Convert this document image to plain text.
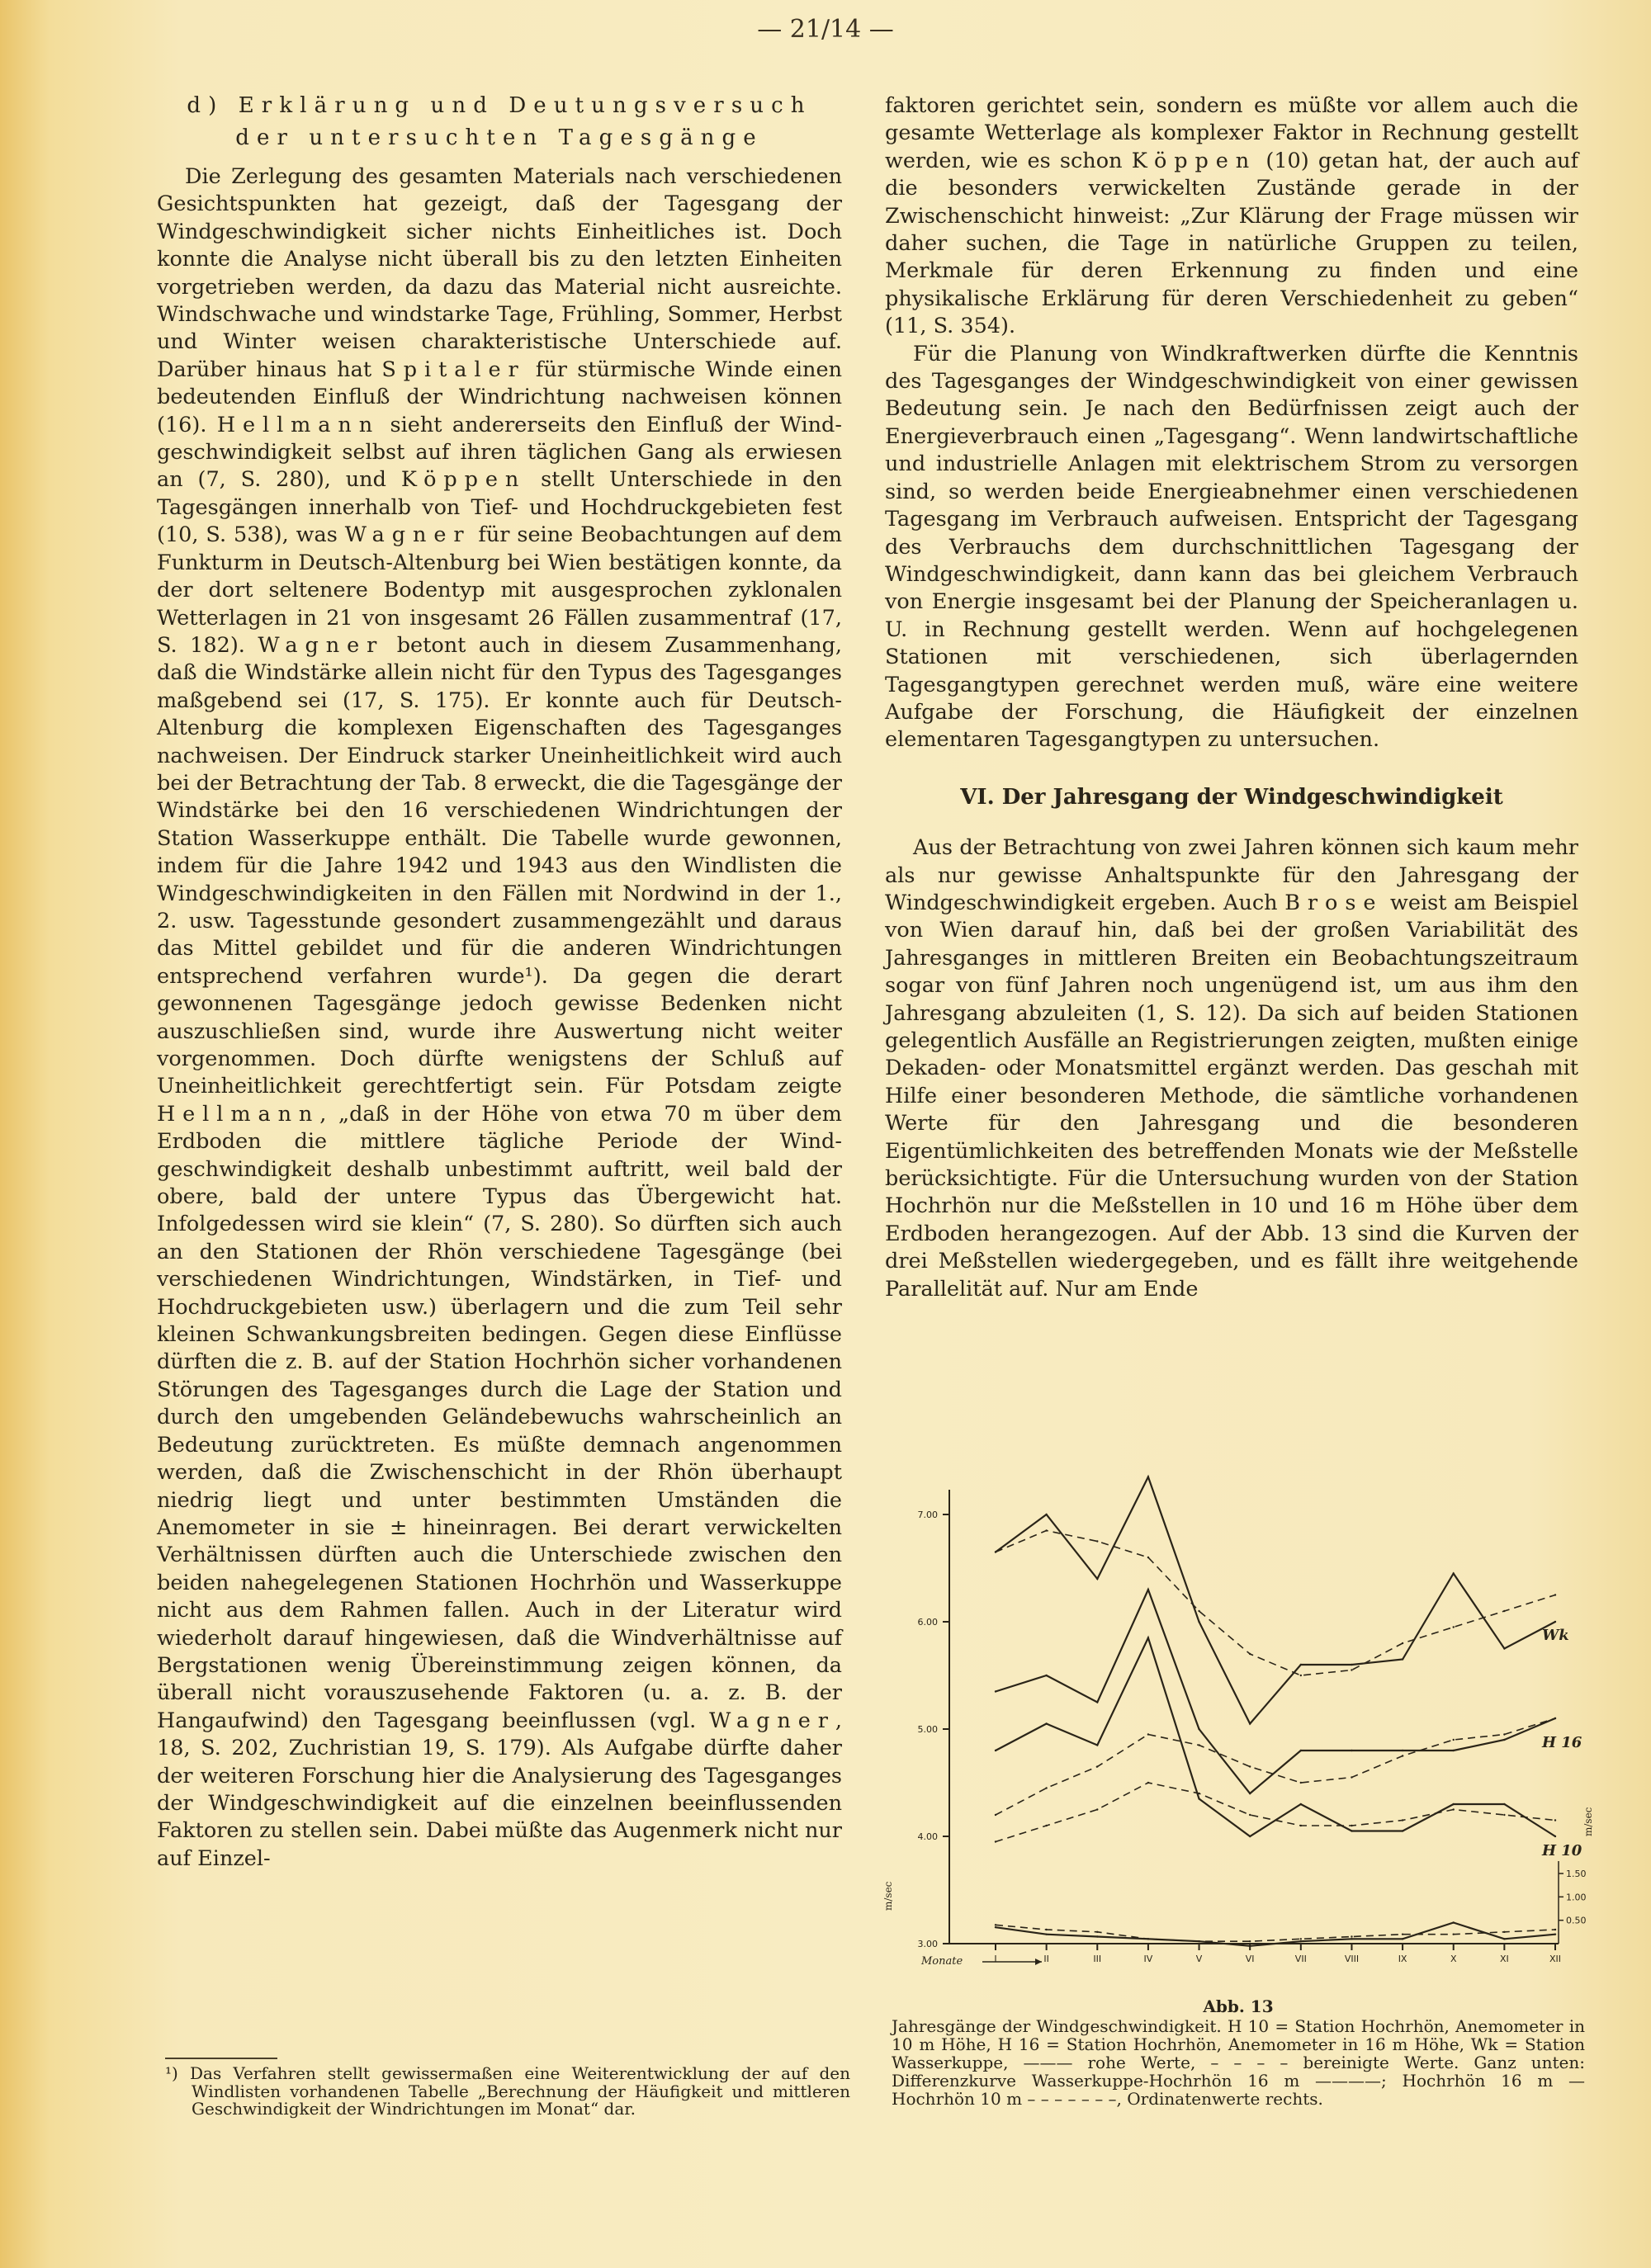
— 21/14 —
d) Erklärung und Deutungsversuch
der untersuchten Tagesgänge

Die Zerlegung des gesamten Materials nach verschiedenen Gesichtspunkten hat gezeigt, daß der Tagesgang der Windgeschwindigkeit sicher nichts Einheitliches ist. Doch konnte die Analyse nicht überall bis zu den letzten Einheiten vorgetrieben werden, da dazu das Material nicht ausreichte. Windschwache und windstarke Tage, Frühling, Sommer, Herbst und Winter weisen charakteristische Unterschiede auf. Darüber hinaus hat Spitaler für stürmische Winde einen bedeutenden Einfluß der Windrichtung nachweisen können (16). Hellmann sieht andererseits den Einfluß der Windgeschwindigkeit selbst auf ihren täglichen Gang als erwiesen an (7, S. 280), und Köppen stellt Unterschiede in den Tagesgängen innerhalb von Tief- und Hochdruckgebieten fest (10, S. 538), was Wagner für seine Beobachtungen auf dem Funkturm in Deutsch-Altenburg bei Wien bestätigen konnte, da der dort seltenere Bodentyp mit ausgesprochen zyklonalen Wetterlagen in 21 von insgesamt 26 Fällen zusammentraf (17, S. 182). Wagner betont auch in diesem Zusammenhang, daß die Windstärke allein nicht für den Typus des Tagesganges maßgebend sei (17, S. 175). Er konnte auch für Deutsch-Altenburg die komplexen Eigenschaften des Tagesganges nachweisen. Der Eindruck starker Uneinheitlichkeit wird auch bei der Betrachtung der Tab. 8 erweckt, die die Tagesgänge der Windstärke bei den 16 verschiedenen Windrichtungen der Station Wasserkuppe enthält. Die Tabelle wurde gewonnen, indem für die Jahre 1942 und 1943 aus den Windlisten die Windgeschwindigkeiten in den Fällen mit Nordwind in der 1., 2. usw. Tagesstunde gesondert zusammengezählt und daraus das Mittel gebildet und für die anderen Windrichtungen entsprechend verfahren wurde¹). Da gegen die derart gewonnenen Tagesgänge jedoch gewisse Bedenken nicht auszuschließen sind, wurde ihre Auswertung nicht weiter vorgenommen. Doch dürfte wenigstens der Schluß auf Uneinheitlichkeit gerechtfertigt sein. Für Potsdam zeigte Hellmann, „daß in der Höhe von etwa 70 m über dem Erdboden die mittlere tägliche Periode der Windgeschwindigkeit deshalb unbestimmt auftritt, weil bald der obere, bald der untere Typus das Übergewicht hat. Infolgedessen wird sie klein“ (7, S. 280). So dürften sich auch an den Stationen der Rhön verschiedene Tagesgänge (bei verschiedenen Windrichtungen, Windstärken, in Tief- und Hochdruckgebieten usw.) überlagern und die zum Teil sehr kleinen Schwankungsbreiten bedingen. Gegen diese Einflüsse dürften die z. B. auf der Station Hochrhön sicher vorhandenen Störungen des Tagesganges durch die Lage der Station und durch den umgebenden Geländebewuchs wahrscheinlich an Bedeutung zurücktreten. Es müßte demnach angenommen werden, daß die Zwischenschicht in der Rhön überhaupt niedrig liegt und unter bestimmten Umständen die Anemometer in sie ± hineinragen. Bei derart verwickelten Verhältnissen dürften auch die Unterschiede zwischen den beiden nahegelegenen Stationen Hochrhön und Wasserkuppe nicht aus dem Rahmen fallen. Auch in der Literatur wird wiederholt darauf hingewiesen, daß die Windverhältnisse auf Bergstationen wenig Übereinstimmung zeigen können, da überall nicht vorauszusehende Faktoren (u. a. z. B. der Hangaufwind) den Tagesgang beeinflussen (vgl. Wagner, 18, S. 202, Zuchristian 19, S. 179). Als Aufgabe dürfte daher der weiteren Forschung hier die Analysierung des Tagesganges der Windgeschwindigkeit auf die einzelnen beeinflussenden Faktoren zu stellen sein. Dabei müßte das Augenmerk nicht nur auf Einzel-

¹) Das Verfahren stellt gewissermaßen eine Weiterentwicklung der auf den Windlisten vorhandenen Tabelle „Berechnung der Häufigkeit und mittleren Geschwindigkeit der Windrichtungen im Monat“ dar.

faktoren gerichtet sein, sondern es müßte vor allem auch die gesamte Wetterlage als komplexer Faktor in Rechnung gestellt werden, wie es schon Köppen (10) getan hat, der auch auf die besonders verwickelten Zustände gerade in der Zwischenschicht hinweist: „Zur Klärung der Frage müssen wir daher suchen, die Tage in natürliche Gruppen zu teilen, Merkmale für deren Erkennung zu finden und eine physikalische Erklärung für deren Verschiedenheit zu geben“ (11, S. 354).

Für die Planung von Windkraftwerken dürfte die Kenntnis des Tagesganges der Windgeschwindigkeit von einer gewissen Bedeutung sein. Je nach den Bedürfnissen zeigt auch der Energieverbrauch einen „Tagesgang“. Wenn landwirtschaftliche und industrielle Anlagen mit elektrischem Strom zu versorgen sind, so werden beide Energieabnehmer einen verschiedenen Tagesgang im Verbrauch aufweisen. Entspricht der Tagesgang des Verbrauchs dem durchschnittlichen Tagesgang der Windgeschwindigkeit, dann kann das bei gleichem Verbrauch von Energie insgesamt bei der Planung der Speicheranlagen u. U. in Rechnung gestellt werden. Wenn auf hochgelegenen Stationen mit verschiedenen, sich überlagernden Tagesgangtypen gerechnet werden muß, wäre eine weitere Aufgabe der Forschung, die Häufigkeit der einzelnen elementaren Tagesgangtypen zu untersuchen.

VI. Der Jahresgang der Windgeschwindigkeit

Aus der Betrachtung von zwei Jahren können sich kaum mehr als nur gewisse Anhaltspunkte für den Jahresgang der Windgeschwindigkeit ergeben. Auch Brose weist am Beispiel von Wien darauf hin, daß bei der großen Variabilität des Jahresganges in mittleren Breiten ein Beobachtungszeitraum sogar von fünf Jahren noch ungenügend ist, um aus ihm den Jahresgang abzuleiten (1, S. 12). Da sich auf beiden Stationen gelegentlich Ausfälle an Registrierungen zeigten, mußten einige Dekaden- oder Monatsmittel ergänzt werden. Das geschah mit Hilfe einer besonderen Methode, die sämtliche vorhandenen Werte für den Jahresgang und die besonderen Eigentümlichkeiten des betreffenden Monats wie der Meßstelle berücksichtigte. Für die Untersuchung wurden von der Station Hochrhön nur die Meßstellen in 10 und 16 m Höhe über dem Erdboden herangezogen. Auf der Abb. 13 sind die Kurven der drei Meßstellen wiedergegeben, und es fällt ihre weitgehende Parallelität auf. Nur am Ende

3.00
4.00
5.00
6.00
7.00
0.50
1.00
1.50
m/sec
m/sec
I	II	III	IV	V	VI	VII	VIII	IX	X	XI	XII
Wk
H 16
H 10
Monate
Abb. 13

Jahresgänge der Windgeschwindigkeit. H 10 = Station Hochrhön, Anemometer in 10 m Höhe, H 16 = Station Hochrhön, Anemometer in 16 m Höhe, Wk = Station Wasserkuppe, ——— rohe Werte, – – – – bereinigte Werte. Ganz unten: Differenzkurve Wasserkuppe-Hochrhön 16 m ————; Hochrhön 16 m — Hochrhön 10 m – – – – – – –, Ordinatenwerte rechts.
